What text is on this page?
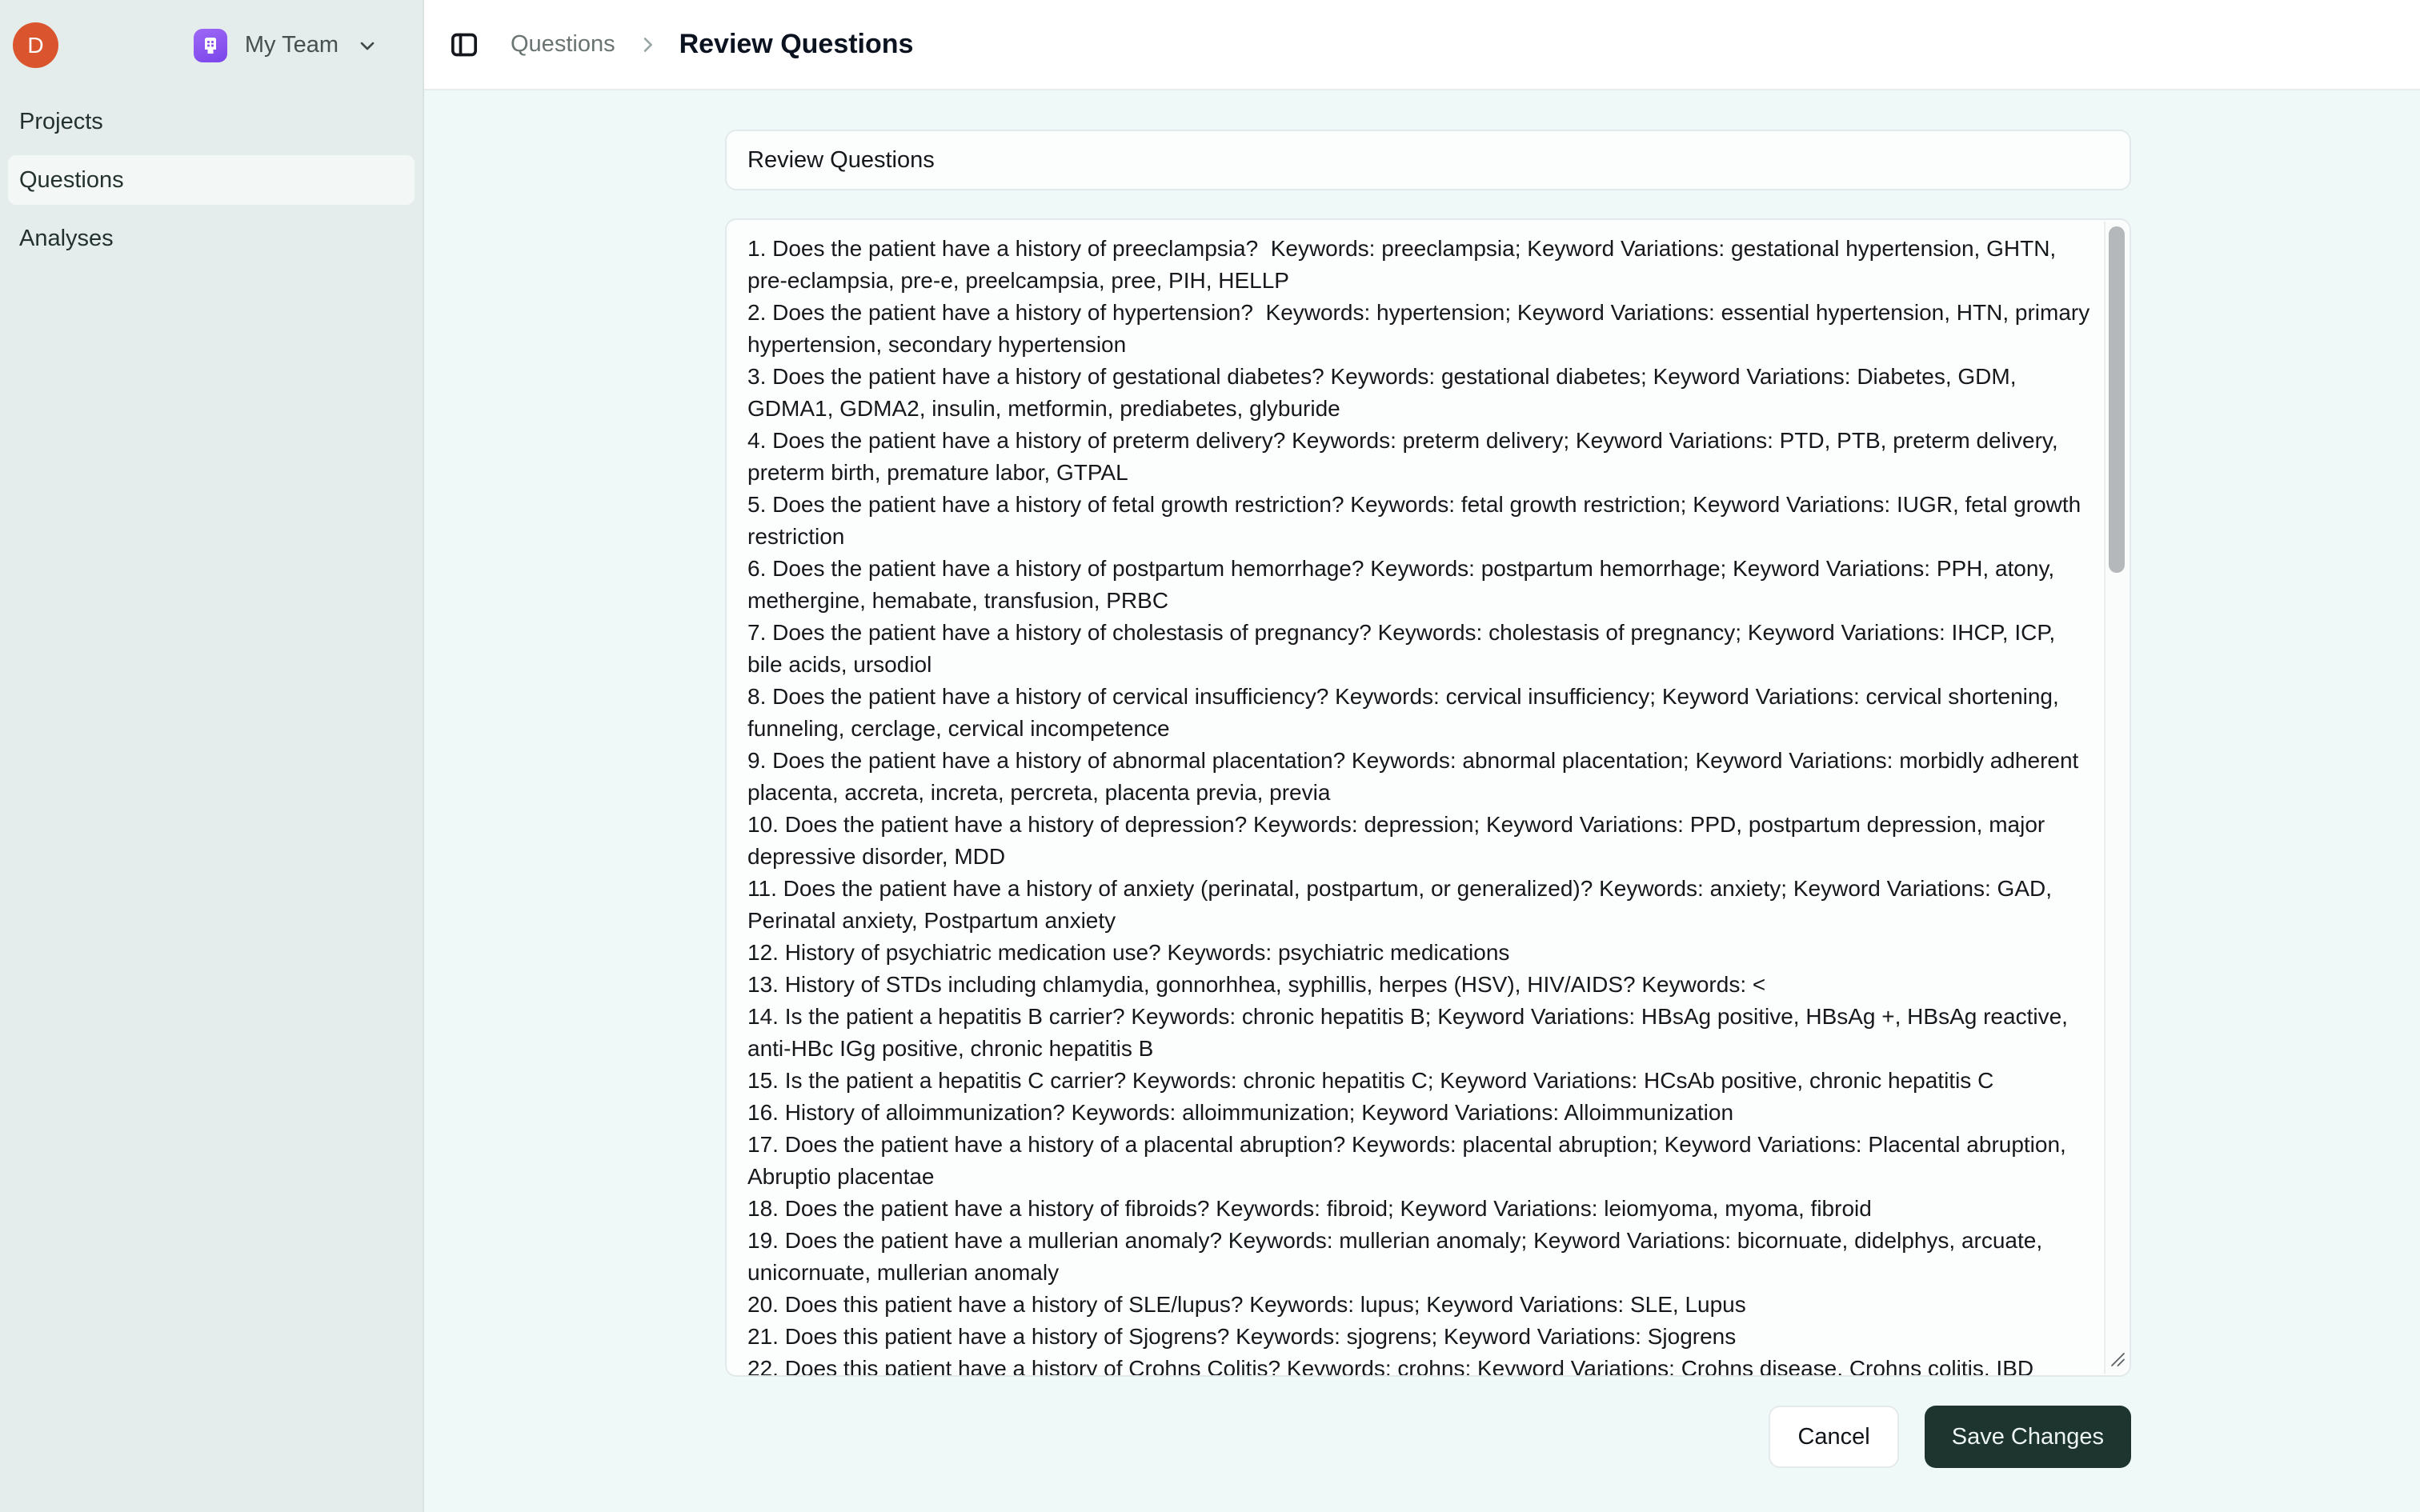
D	My Team
Projects
Questions
Analyses
Questions Review Questions
Review Questions
1. Does the patient have a history of preeclampsia? Keywords: preeclampsia; Keyword Variations: gestational hypertension, GHTN, pre-eclampsia, pre-e, preelcampsia, pree, PIH, HELLP 2. Does the patient have a history of hypertension? Keywords: hypertension; Keyword Variations: essential hypertension, HTN, primary hypertension, secondary hypertension 3. Does the patient have a history of gestational diabetes? Keywords: gestational diabetes; Keyword Variations: Diabetes, GDM, GDMA1, GDMA2, insulin, metformin, prediabetes, glyburide 4. Does the patient have a history of preterm delivery? Keywords: preterm delivery; Keyword Variations: PTD, PTB, preterm delivery, preterm birth, premature labor, GTPAL 5. Does the patient have a history of fetal growth restriction? Keywords: fetal growth restriction; Keyword Variations: IUGR, fetal growth restriction 6. Does the patient have a history of postpartum hemorrhage? Keywords: postpartum hemorrhage; Keyword Variations: PPH, atony, methergine, hemabate, transfusion, PRBC 7. Does the patient have a history of cholestasis of pregnancy? Keywords: cholestasis of pregnancy; Keyword Variations: IHCP, ICP, bile acids, ursodiol 8. Does the patient have a history of cervical insufficiency? Keywords: cervical insufficiency; Keyword Variations: cervical shortening, funneling, cerclage, cervical incompetence 9. Does the patient have a history of abnormal placentation? Keywords: abnormal placentation; Keyword Variations: morbidly adherent placenta, accreta, increta, percreta, placenta previa, previa 10. Does the patient have a history of depression? Keywords: depression; Keyword Variations: PPD, postpartum depression, major depressive disorder, MDD 11. Does the patient have a history of anxiety (perinatal, postpartum, or generalized)? Keywords: anxiety; Keyword Variations: GAD, Perinatal anxiety, Postpartum anxiety 12. History of psychiatric medication use? Keywords: psychiatric medications 13. History of STDs including chlamydia, gonnorhhea, syphillis, herpes (HSV), HIV/AIDS? Keywords: < 14. Is the patient a hepatitis B carrier? Keywords: chronic hepatitis B; Keyword Variations: HBsAg positive, HBsAg +, HBsAg reactive, anti-HBc IGg positive, chronic hepatitis B 15. Is the patient a hepatitis C carrier? Keywords: chronic hepatitis C; Keyword Variations: HCsAb positive, chronic hepatitis C 16. History of alloimmunization? Keywords: alloimmunization; Keyword Variations: Alloimmunization 17. Does the patient have a history of a placental abruption? Keywords: placental abruption; Keyword Variations: Placental abruption, Abruptio placentae 18. Does the patient have a history of fibroids? Keywords: fibroid; Keyword Variations: leiomyoma, myoma, fibroid 19. Does the patient have a mullerian anomaly? Keywords: mullerian anomaly; Keyword Variations: bicornuate, didelphys, arcuate, unicornuate, mullerian anomaly 20. Does this patient have a history of SLE/lupus? Keywords: lupus; Keyword Variations: SLE, Lupus 21. Does this patient have a history of Sjogrens? Keywords: sjogrens; Keyword Variations: Sjogrens 22. Does this patient have a history of Crohns Colitis? Keywords: crohns; Keyword Variations: Crohns disease, Crohns colitis, IBD
Cancel	Save Changes
